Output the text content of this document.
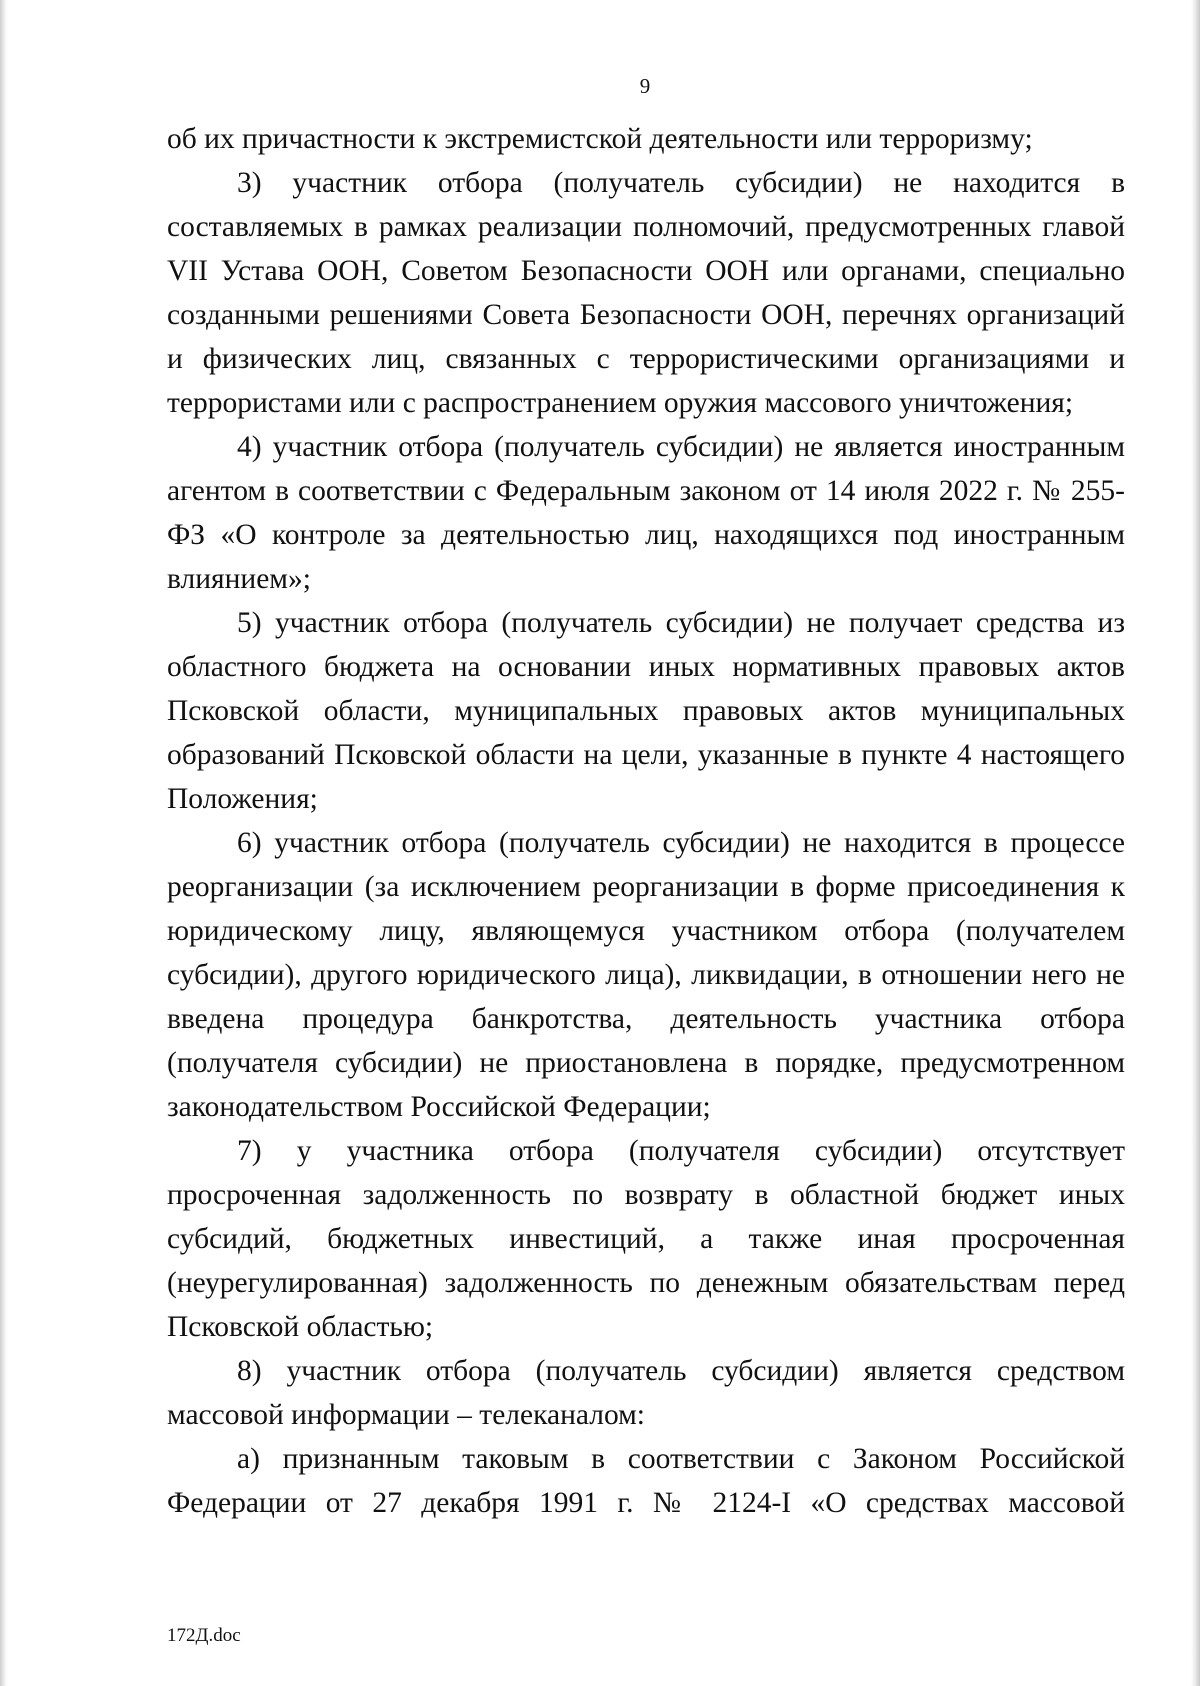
9

об их причастности к экстремистской деятельности или терроризму;

3) участник отбора (получатель субсидии) не находится в составляемых в рамках реализации полномочий, предусмотренных главой VII Устава ООН, Советом Безопасности ООН или органами, специально созданными решениями Совета Безопасности ООН, перечнях организаций и физических лиц, связанных с террористическими организациями и террористами или с распространением оружия массового уничтожения;

4) участник отбора (получатель субсидии) не является иностранным агентом в соответствии с Федеральным законом от 14 июля 2022 г. № 255-ФЗ «О контроле за деятельностью лиц, находящихся под иностранным влиянием»;

5) участник отбора (получатель субсидии) не получает средства из областного бюджета на основании иных нормативных правовых актов Псковской области, муниципальных правовых актов муниципальных образований Псковской области на цели, указанные в пункте 4 настоящего Положения;

6) участник отбора (получатель субсидии) не находится в процессе реорганизации (за исключением реорганизации в форме присоединения к юридическому лицу, являющемуся участником отбора (получателем субсидии), другого юридического лица), ликвидации, в отношении него не введена процедура банкротства, деятельность участника отбора (получателя субсидии) не приостановлена в порядке, предусмотренном законодательством Российской Федерации;

7) у участника отбора (получателя субсидии) отсутствует просроченная задолженность по возврату в областной бюджет иных субсидий, бюджетных инвестиций, а также иная просроченная (неурегулированная) задолженность по денежным обязательствам перед Псковской областью;

8) участник отбора (получатель субсидии) является средством массовой информации – телеканалом:

а) признанным таковым в соответствии с Законом Российской Федерации от 27 декабря 1991 г. № 2124-I «О средствах массовой

172Д.doc
